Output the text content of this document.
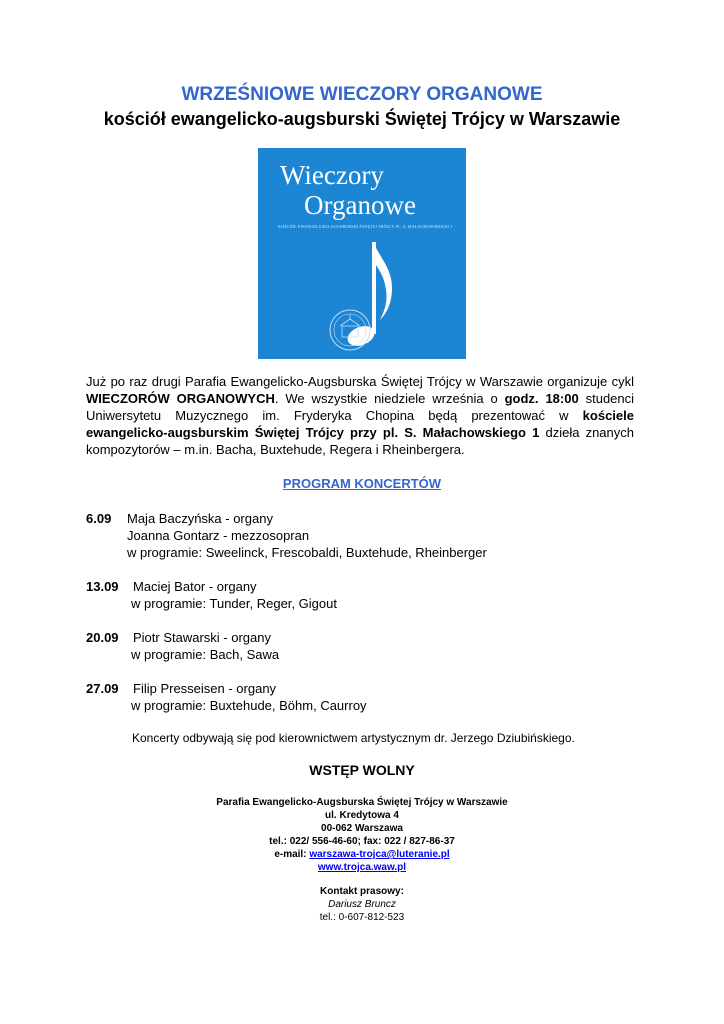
WRZEŚNIOWE WIECZORY ORGANOWE
kościół ewangelicko-augsburski Świętej Trójcy w Warszawie
Wieczory
Organowe
KOŚCIÓŁ EWANGELICKO-AUGSBURSKI ŚWIĘTEJ TRÓJCY PL. S. MAŁACHOWSKIEGO 1
Już po raz drugi Parafia Ewangelicko-Augsburska Świętej Trójcy w Warszawie organizuje cykl WIECZORÓW ORGANOWYCH. We wszystkie niedziele września o godz. 18:00 studenci Uniwersytetu Muzycznego im. Fryderyka Chopina będą prezentować w kościele ewangelicko-augsburskim Świętej Trójcy przy pl. S. Małachowskiego 1 dzieła znanych kompozytorów – m.in. Bacha, Buxtehude, Regera i Rheinbergera.
PROGRAM KONCERTÓW
6.09 Maja Baczyńska - organy
Joanna Gontarz - mezzosopran
w programie: Sweelinck, Frescobaldi, Buxtehude, Rheinberger
13.09 Maciej Bator - organy
w programie: Tunder, Reger, Gigout
20.09 Piotr Stawarski - organy
w programie: Bach, Sawa
27.09 Filip Presseisen - organy
w programie: Buxtehude, Böhm, Caurroy
Koncerty odbywają się pod kierownictwem artystycznym dr. Jerzego Dziubińskiego.
WSTĘP WOLNY
Parafia Ewangelicko-Augsburska Świętej Trójcy w Warszawie
ul. Kredytowa 4
00-062 Warszawa
tel.: 022/ 556-46-60; fax: 022 / 827-86-37
e-mail: warszawa-trojca@luteranie.pl
www.trojca.waw.pl
Kontakt prasowy:
Dariusz Bruncz
tel.: 0-607-812-523
